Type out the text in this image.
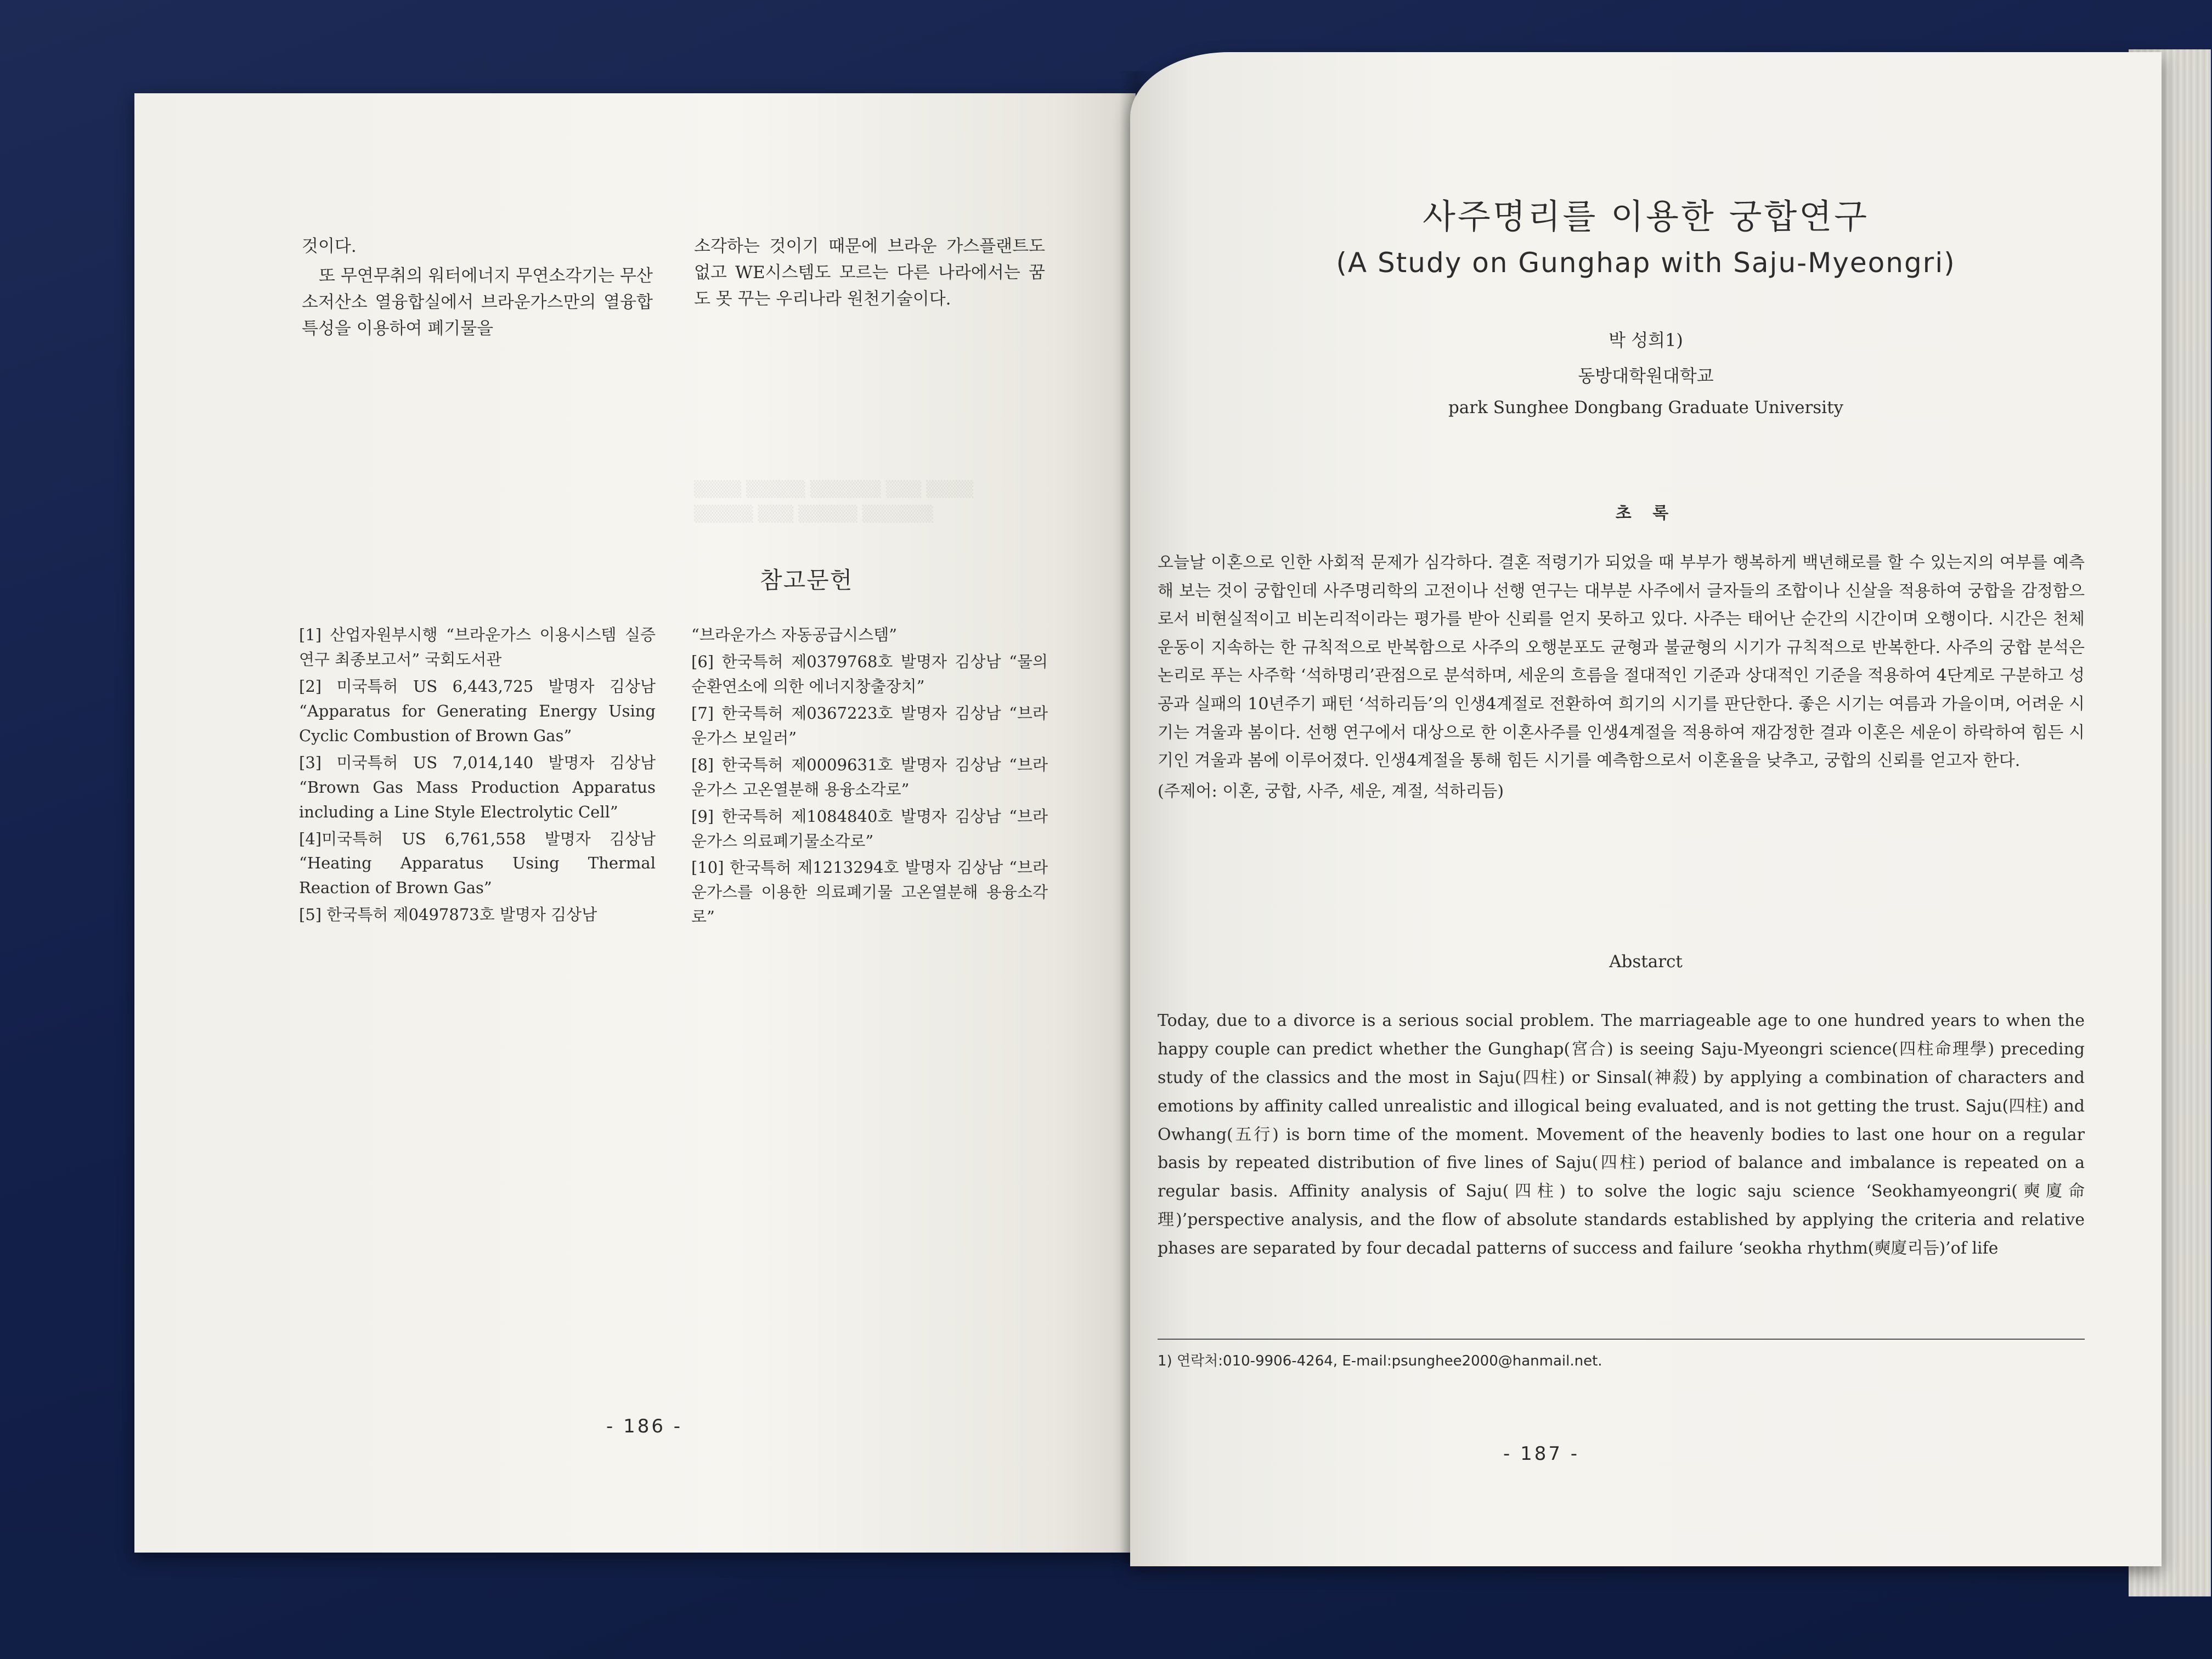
▒▒▒▒ ▒▒▒▒▒ ▒▒▒▒▒▒ ▒▒▒ ▒▒▒▒
▒▒▒▒▒ ▒▒▒ ▒▒▒▒▒ ▒▒▒▒▒▒

것이다.

또 무연무취의 워터에너지 무연소각기는 무산소저산소 열융합실에서 브라운가스만의 열융합특성을 이용하여 폐기물을

소각하는 것이기 때문에 브라운 가스플랜트도 없고 WE시스템도 모르는 다른 나라에서는 꿈도 못 꾸는 우리나라 원천기술이다.

참고문헌

[1] 산업자원부시행 “브라운가스 이용시스템 실증연구 최종보고서” 국회도서관

[2] 미국특허 US 6,443,725 발명자 김상남 “Apparatus for Generating Energy Using Cyclic Combustion of Brown Gas”

[3] 미국특허 US 7,014,140 발명자 김상남 “Brown Gas Mass Production Apparatus including a Line Style Electrolytic Cell”

[4]미국특허 US 6,761,558 발명자 김상남 “Heating Apparatus Using Thermal Reaction of Brown Gas”

[5] 한국특허 제0497873호 발명자 김상남

“브라운가스 자동공급시스템”

[6] 한국특허 제0379768호 발명자 김상남 “물의 순환연소에 의한 에너지창출장치”

[7] 한국특허 제0367223호 발명자 김상남 “브라운가스 보일러”

[8] 한국특허 제0009631호 발명자 김상남 “브라운가스 고온열분해 용융소각로”

[9] 한국특허 제1084840호 발명자 김상남 “브라운가스 의료폐기물소각로”

[10] 한국특허 제1213294호 발명자 김상남 “브라운가스를 이용한 의료폐기물 고온열분해 용융소각로”

- 186 -
사주명리를 이용한 궁합연구
(A Study on Gunghap with Saju-Myeongri)
박 성희1)
동방대학원대학교
park Sunghee Dongbang Graduate University
초 록
오늘날 이혼으로 인한 사회적 문제가 심각하다. 결혼 적령기가 되었을 때 부부가 행복하게 백년해로를 할 수 있는지의 여부를 예측해 보는 것이 궁합인데 사주명리학의 고전이나 선행 연구는 대부분 사주에서 글자들의 조합이나 신살을 적용하여 궁합을 감정함으로서 비현실적이고 비논리적이라는 평가를 받아 신뢰를 얻지 못하고 있다. 사주는 태어난 순간의 시간이며 오행이다. 시간은 천체운동이 지속하는 한 규칙적으로 반복함으로 사주의 오행분포도 균형과 불균형의 시기가 규칙적으로 반복한다. 사주의 궁합 분석은 논리로 푸는 사주학 ‘석하명리’관점으로 분석하며, 세운의 흐름을 절대적인 기준과 상대적인 기준을 적용하여 4단계로 구분하고 성공과 실패의 10년주기 패턴 ‘석하리듬’의 인생4계절로 전환하여 희기의 시기를 판단한다. 좋은 시기는 여름과 가을이며, 어려운 시기는 겨울과 봄이다. 선행 연구에서 대상으로 한 이혼사주를 인생4계절을 적용하여 재감정한 결과 이혼은 세운이 하락하여 힘든 시기인 겨울과 봄에 이루어졌다. 인생4계절을 통해 힘든 시기를 예측함으로서 이혼율을 낮추고, 궁합의 신뢰를 얻고자 한다.
(주제어: 이혼, 궁합, 사주, 세운, 계절, 석하리듬)
Abstarct
Today, due to a divorce is a serious social problem. The marriageable age to one hundred years to when the happy couple can predict whether the Gunghap(宮合) is seeing Saju-Myeongri science(四柱命理學) preceding study of the classics and the most in Saju(四柱) or Sinsal(神殺) by applying a combination of characters and emotions by affinity called unrealistic and illogical being evaluated, and is not getting the trust. Saju(四柱) and Owhang(五行) is born time of the moment. Movement of the heavenly bodies to last one hour on a regular basis by repeated distribution of five lines of Saju(四柱) period of balance and imbalance is repeated on a regular basis. Affinity analysis of Saju(四柱) to solve the logic saju science ‘Seokhamyeongri(奭廈命理)’perspective analysis, and the flow of absolute standards established by applying the criteria and relative phases are separated by four decadal patterns of success and failure ‘seokha rhythm(奭廈리듬)’of life
1) 연락처:010-9906-4264, E-mail:psunghee2000@hanmail.net.
- 187 -
